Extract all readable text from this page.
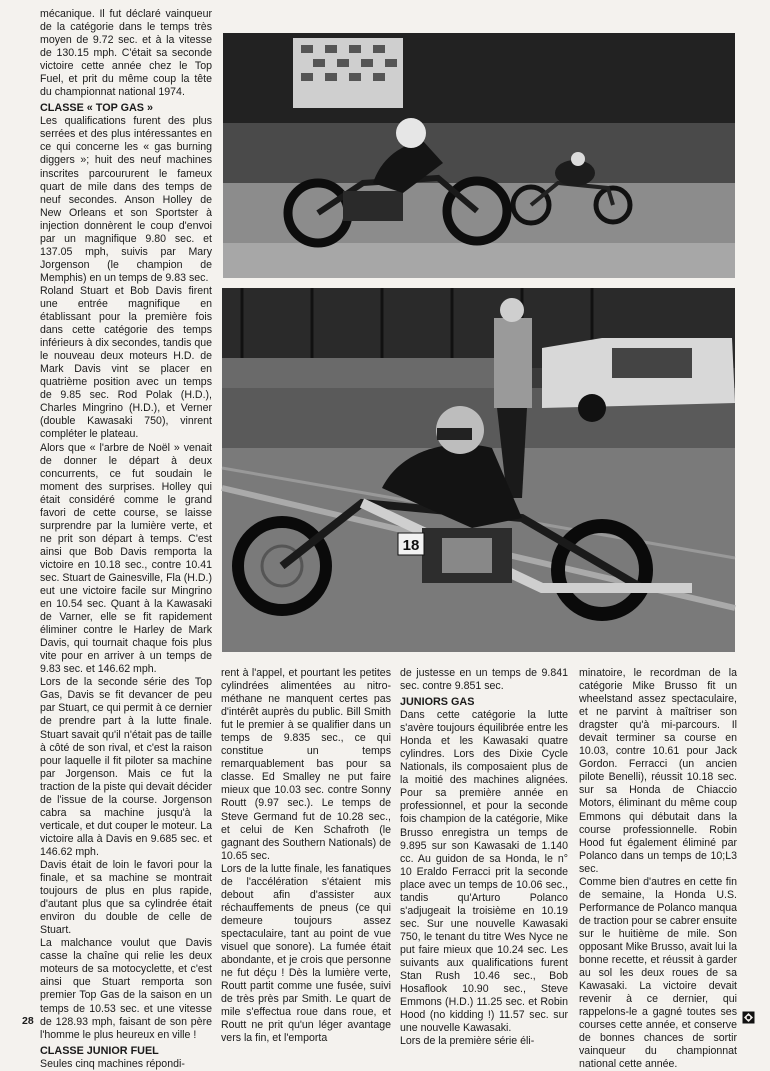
mécanique. Il fut déclaré vainqueur de la catégorie dans le temps très moyen de 9.72 sec. et à la vitesse de 130.15 mph. C'était sa seconde victoire cette année chez le Top Fuel, et prit du même coup la tête du championnat national 1974.

CLASSE « TOP GAS »

Les qualifications furent des plus serrées et des plus intéressantes en ce qui concerne les « gas burning diggers »; huit des neuf machines inscrites parcoururent le fameux quart de mile dans des temps de neuf secondes. Anson Holley de New Orleans et son Sportster à injection donnèrent le coup d'envoi par un magnifique 9.80 sec. et 137.05 mph, suivis par Mary Jorgenson (le champion de Memphis) en un temps de 9.83 sec.

Roland Stuart et Bob Davis firent une entrée magnifique en établissant pour la première fois dans cette catégorie des temps inférieurs à dix secondes, tandis que le nouveau deux moteurs H.D. de Mark Davis vint se placer en quatrième position avec un temps de 9.85 sec. Rod Polak (H.D.), Charles Mingrino (H.D.), et Verner (double Kawasaki 750), vinrent compléter le plateau.

Alors que « l'arbre de Noël » venait de donner le départ à deux concurrents, ce fut soudain le moment des surprises. Holley qui était considéré comme le grand favori de cette course, se laisse surprendre par la lumière verte, et ne prit son départ à temps. C'est ainsi que Bob Davis remporta la victoire en 10.18 sec., contre 10.41 sec. Stuart de Gainesville, Fla (H.D.) eut une victoire facile sur Mingrino en 10.54 sec. Quant à la Kawasaki de Varner, elle se fit rapidement éliminer contre le Harley de Mark Davis, qui tournait chaque fois plus vite pour en arriver à un temps de 9.83 sec. et 146.62 mph.

Lors de la seconde série des Top Gas, Davis se fit devancer de peu par Stuart, ce qui permit à ce dernier de prendre part à la lutte finale. Stuart savait qu'il n'était pas de taille à côté de son rival, et c'est la raison pour laquelle il fit piloter sa machine par Jorgenson. Mais ce fut la traction de la piste qui devait décider de l'issue de la course. Jorgenson cabra sa machine jusqu'à la verticale, et dut couper le moteur. La victoire alla à Davis en 9.685 sec. et 146.62 mph.

Davis était de loin le favori pour la finale, et sa machine se montrait toujours de plus en plus rapide, d'autant plus que sa cylindrée était environ du double de celle de Stuart.

La malchance voulut que Davis casse la chaîne qui relie les deux moteurs de sa motocyclette, et c'est ainsi que Stuart remporta son premier Top Gas de la saison en un temps de 10.53 sec. et une vitesse de 128.93 mph, faisant de son père l'homme le plus heureux en ville !

CLASSE JUNIOR FUEL

Seules cinq machines répondi-

18

rent à l'appel, et pourtant les petites cylindrées alimentées au nitro-méthane ne manquent certes pas d'intérêt auprès du public. Bill Smith fut le premier à se qualifier dans un temps de 9.835 sec., ce qui constitue un temps remarquablement bas pour sa classe. Ed Smalley ne put faire mieux que 10.03 sec. contre Sonny Routt (9.97 sec.). Le temps de Steve Germand fut de 10.28 sec., et celui de Ken Schafroth (le gagnant des Southern Nationals) de 10.65 sec.

Lors de la lutte finale, les fanatiques de l'accélération s'étaient mis debout afin d'assister aux réchauffements de pneus (ce qui demeure toujours assez spectaculaire, tant au point de vue visuel que sonore). La fumée était abondante, et je crois que personne ne fut déçu ! Dès la lumière verte, Routt partit comme une fusée, suivi de très près par Smith. Le quart de mile s'effectua roue dans roue, et Routt ne prit qu'un léger avantage vers la fin, et l'emporta

de justesse en un temps de 9.841 sec. contre 9.851 sec.

JUNIORS GAS

Dans cette catégorie la lutte s'avère toujours équilibrée entre les Honda et les Kawasaki quatre cylindres. Lors des Dixie Cycle Nationals, ils composaient plus de la moitié des machines alignées. Pour sa première année en professionnel, et pour la seconde fois champion de la catégorie, Mike Brusso enregistra un temps de 9.895 sur son Kawasaki de 1.140 cc. Au guidon de sa Honda, le n° 10 Eraldo Ferracci prit la seconde place avec un temps de 10.06 sec., tandis qu'Arturo Polanco s'adjugeait la troisième en 10.19 sec. Sur une nouvelle Kawasaki 750, le tenant du titre Wes Nyce ne put faire mieux que 10.24 sec. Les suivants aux qualifications furent Stan Rush 10.46 sec., Bob Hosaflook 10.90 sec., Steve Emmons (H.D.) 11.25 sec. et Robin Hood (no kidding !) 11.57 sec. sur une nouvelle Kawasaki.

Lors de la première série éli-

minatoire, le recordman de la catégorie Mike Brusso fit un wheelstand assez spectaculaire, et ne parvint à maîtriser son dragster qu'à mi-parcours. Il devait terminer sa course en 10.03, contre 10.61 pour Jack Gordon. Ferracci (un ancien pilote Benelli), réussit 10.18 sec. sur sa Honda de Chiaccio Motors, éliminant du même coup Emmons qui débutait dans la course professionnelle. Robin Hood fut également éliminé par Polanco dans un temps de 10;L3 sec.

Comme bien d'autres en cette fin de semaine, la Honda U.S. Performance de Polanco manqua de traction pour se cabrer ensuite sur le huitième de mile. Son opposant Mike Brusso, avait lui la bonne recette, et réussit à garder au sol les deux roues de sa Kawasaki. La victoire devait revenir à ce dernier, qui rappelons-le a gagné toutes ses courses cette année, et conserve de bonnes chances de sortir vainqueur du championnat national cette année.

28
